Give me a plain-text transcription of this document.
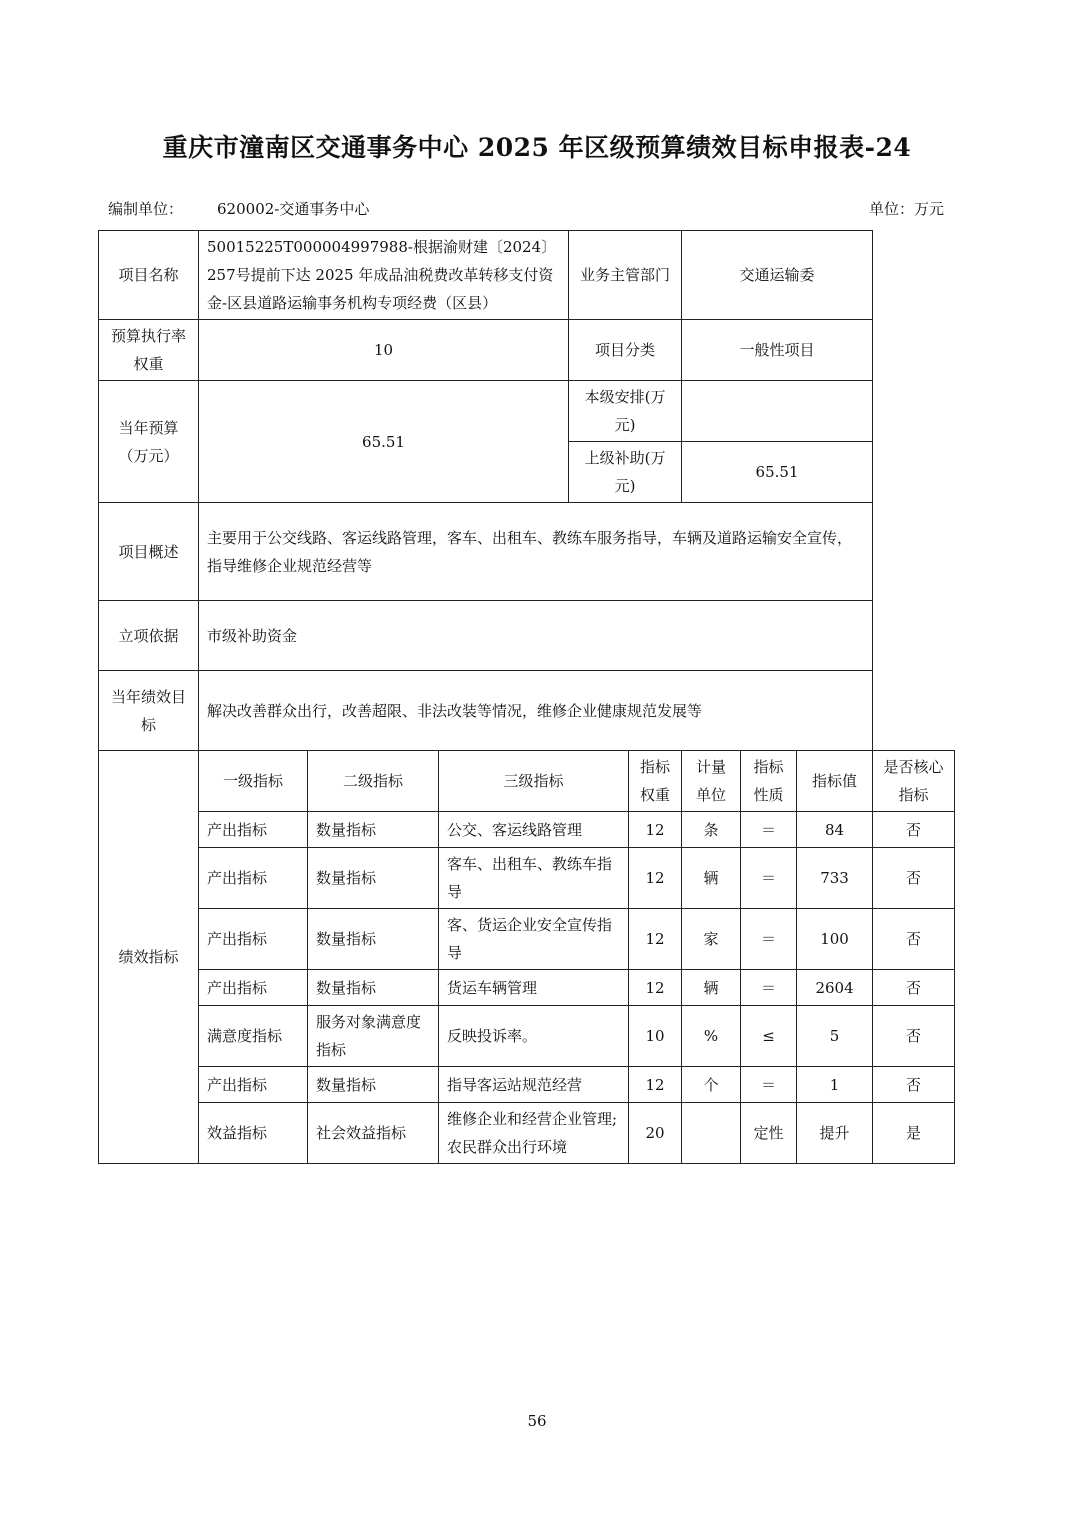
重庆市潼南区交通事务中心 2025 年区级预算绩效目标申报表-24
编制单位： 620002-交通事务中心	单位：万元
项目名称	50015225T000004997988-根据渝财建〔2024〕257号提前下达 2025 年成品油税费改革转移支付资金-区县道路运输事务机构专项经费（区县）			业务主管部门		交通运输委			
预算执行率权重	10			项目分类		一般性项目			
当年预算（万元）	65.51			本级安排(万元)					
				上级补助(万元)		65.51			
项目概述	主要用于公交线路、客运线路管理，客车、出租车、教练车服务指导，车辆及道路运输安全宣传，指导维修企业规范经营等								
立项依据	市级补助资金								
当年绩效目标	解决改善群众出行，改善超限、非法改装等情况，维修企业健康规范发展等								
绩效指标	一级指标	二级指标	三级指标		指标权重	计量单位	指标性质	指标值	是否核心指标
	产出指标	数量指标	公交、客运线路管理		12	条	＝	84	否
	产出指标	数量指标	客车、出租车、教练车指导		12	辆	＝	733	否
	产出指标	数量指标	客、货运企业安全宣传指导		12	家	＝	100	否
	产出指标	数量指标	货运车辆管理		12	辆	＝	2604	否
	满意度指标	服务对象满意度指标	反映投诉率。		10	%	≤	5	否
	产出指标	数量指标	指导客运站规范经营		12	个	＝	1	否
	效益指标	社会效益指标	维修企业和经营企业管理;农民群众出行环境		20		定性	提升	是
56
